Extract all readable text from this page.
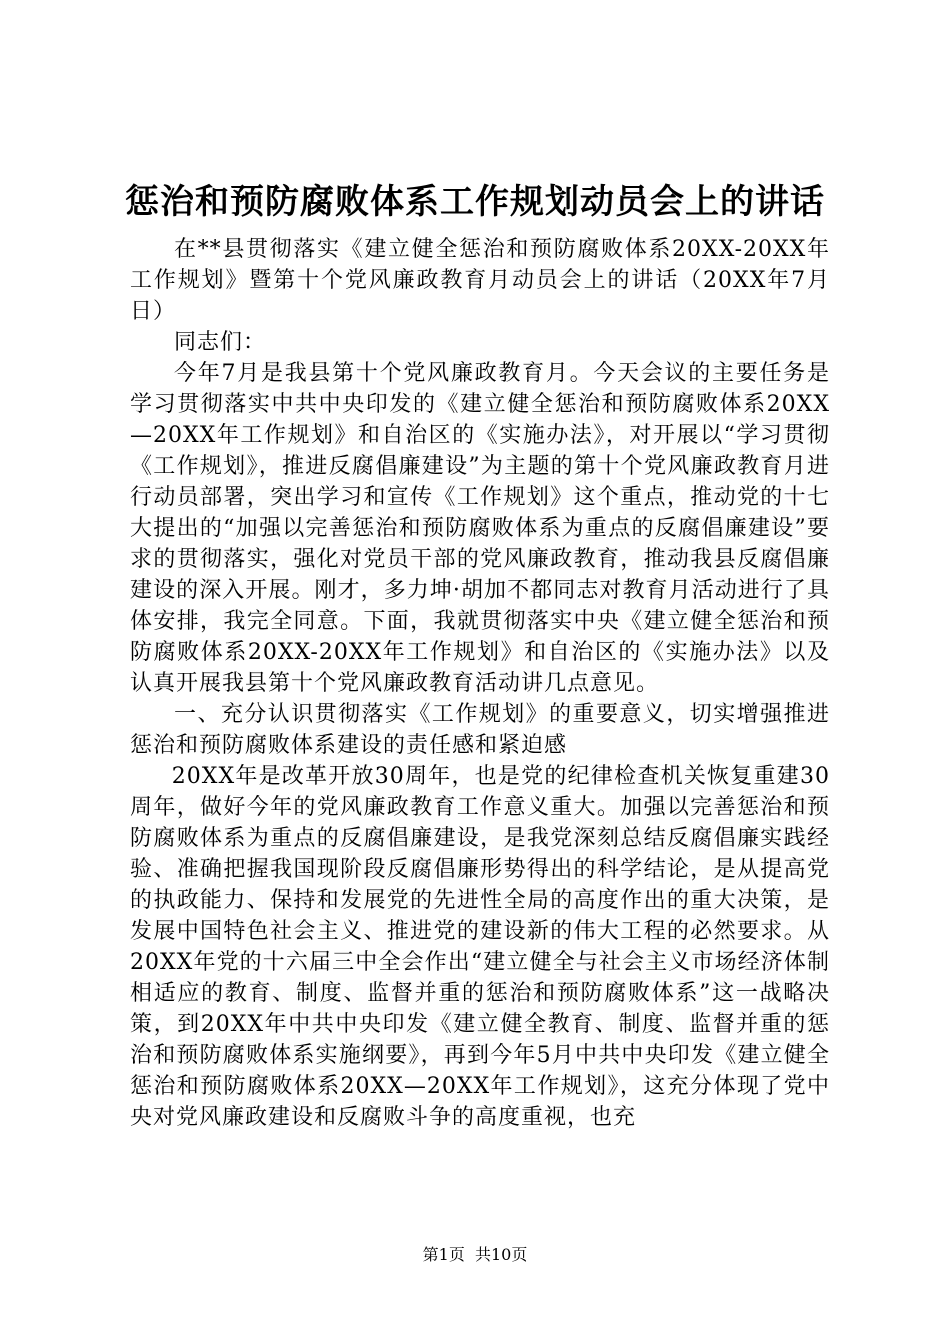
惩治和预防腐败体系工作规划动员会上的讲话

在**县贯彻落实《建立健全惩治和预防腐败体系20XX-20XX年工作规划》暨第十个党风廉政教育月动员会上的讲话（20XX年7月日）

同志们：

今年7月是我县第十个党风廉政教育月。今天会议的主要任务是学习贯彻落实中共中央印发的《建立健全惩治和预防腐败体系20XX—20XX年工作规划》和自治区的《实施办法》，对开展以“学习贯彻《工作规划》，推进反腐倡廉建设”为主题的第十个党风廉政教育月进行动员部署，突出学习和宣传《工作规划》这个重点，推动党的十七大提出的“加强以完善惩治和预防腐败体系为重点的反腐倡廉建设”要求的贯彻落实，强化对党员干部的党风廉政教育，推动我县反腐倡廉建设的深入开展。刚才，多力坤·胡加不都同志对教育月活动进行了具体安排，我完全同意。下面，我就贯彻落实中央《建立健全惩治和预防腐败体系20XX-20XX年工作规划》和自治区的《实施办法》以及认真开展我县第十个党风廉政教育活动讲几点意见。

一、充分认识贯彻落实《工作规划》的重要意义，切实增强推进惩治和预防腐败体系建设的责任感和紧迫感

20XX年是改革开放30周年，也是党的纪律检查机关恢复重建30周年，做好今年的党风廉政教育工作意义重大。加强以完善惩治和预防腐败体系为重点的反腐倡廉建设，是我党深刻总结反腐倡廉实践经验、准确把握我国现阶段反腐倡廉形势得出的科学结论，是从提高党的执政能力、保持和发展党的先进性全局的高度作出的重大决策，是发展中国特色社会主义、推进党的建设新的伟大工程的必然要求。从20XX年党的十六届三中全会作出“建立健全与社会主义市场经济体制相适应的教育、制度、监督并重的惩治和预防腐败体系”这一战略决策，到20XX年中共中央印发《建立健全教育、制度、监督并重的惩治和预防腐败体系实施纲要》，再到今年5月中共中央印发《建立健全惩治和预防腐败体系20XX—20XX年工作规划》，这充分体现了党中央对党风廉政建设和反腐败斗争的高度重视，也充

第1页  共10页
